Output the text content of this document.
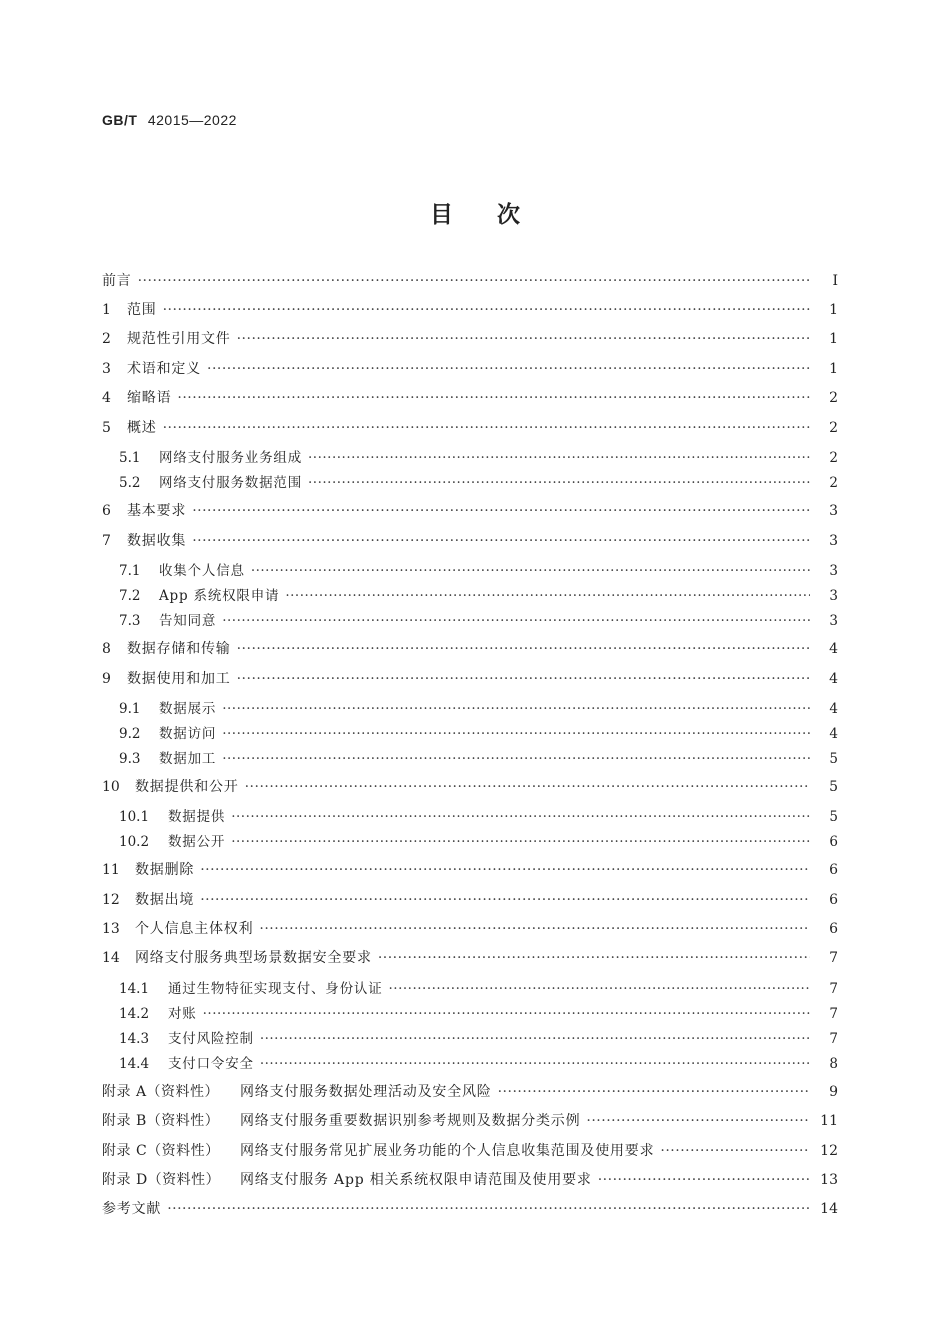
GB/T 42015—2022
目次
前言 ·····	I
1	范围 ·····	1
2	规范性引用文件 ·····	1
3	术语和定义 ·····	1
4	缩略语 ·····	2
5	概述 ·····	2
5.1	网络支付服务业务组成 ·····	2
5.2	网络支付服务数据范围 ·····	2
6	基本要求 ·····	3
7	数据收集 ·····	3
7.1	收集个人信息 ·····	3
7.2	App 系统权限申请 ·····	3
7.3	告知同意 ·····	3
8	数据存储和传输 ·····	4
9	数据使用和加工 ·····	4
9.1	数据展示 ·····	4
9.2	数据访问 ·····	4
9.3	数据加工 ·····	5
10	数据提供和公开 ·····	5
10.1	数据提供 ·····	5
10.2	数据公开 ·····	6
11	数据删除 ·····	6
12	数据出境 ·····	6
13	个人信息主体权利 ·····	6
14	网络支付服务典型场景数据安全要求 ·····	7
14.1	通过生物特征实现支付、身份认证 ·····	7
14.2	对账 ·····	7
14.3	支付风险控制 ·····	7
14.4	支付口令安全 ·····	8
附录 A（资料性）	网络支付服务数据处理活动及安全风险 ·····	9
附录 B（资料性）	网络支付服务重要数据识别参考规则及数据分类示例 ·····	11
附录 C（资料性）	网络支付服务常见扩展业务功能的个人信息收集范围及使用要求 ·····	12
附录 D（资料性）	网络支付服务 App 相关系统权限申请范围及使用要求 ·····	13
参考文献 ·····	14
